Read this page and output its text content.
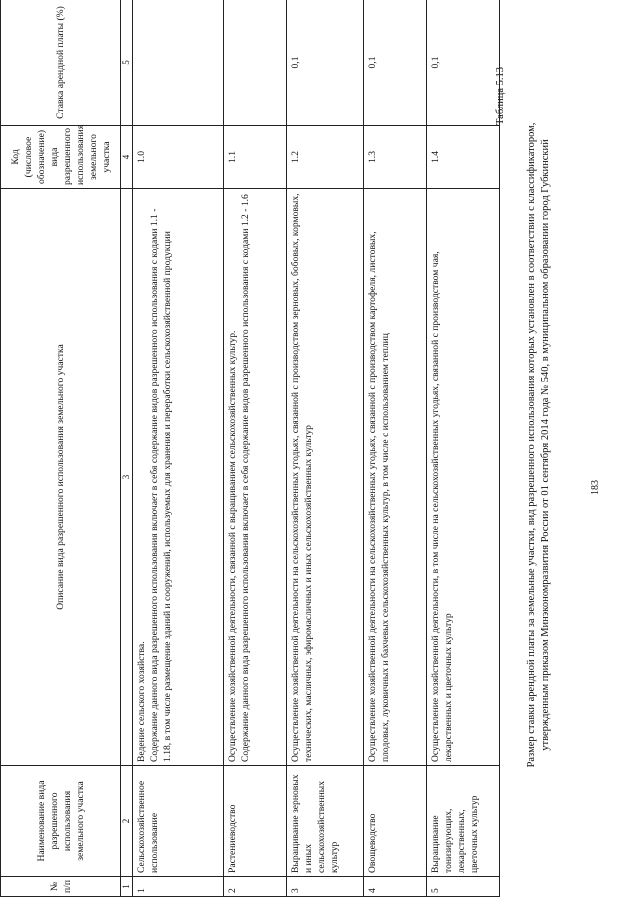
183
Размер ставки арендной платы за земельные участки, вид разрешенного использования которых установлен в соответствии с классификатором, утвержденным приказом Минэкономразвития России от 01 сентября 2014 года № 540, в муниципальном образовании город Губкинский
Таблица 5.13
№ п/п	Наименование вида разрешенного использования земельного участка	Описание вида разрешенного использования земельного участка	Код (числовое обозначение) вида разрешенного использования земельного участка	Ставка арендной платы (%)
1	2	3	4	5
1	Сельскохозяйственное использование	Ведение сельского хозяйства. Содержание данного вида разрешенного использования включает в себя содержание видов разрешенного использования с кодами 1.1 - 1.18, в том числе размещение зданий и сооружений, используемых для хранения и переработки сельскохозяйственной продукции	1.0	
2	Растениеводство	Осуществление хозяйственной деятельности, связанной с выращиванием сельскохозяйственных культур. Содержание данного вида разрешенного использования включает в себя содержание видов разрешенного использования с кодами 1.2 - 1.6	1.1	
3	Выращивание зерновых и иных сельскохозяйственных культур	Осуществление хозяйственной деятельности на сельскохозяйственных угодьях, связанной с производством зерновых, бобовых, кормовых, технических, масличных, эфиромасличных и иных сельскохозяйственных культур	1.2	0,1
4	Овощеводство	Осуществление хозяйственной деятельности на сельскохозяйственных угодьях, связанной с производством картофеля, листовых, плодовых, луковичных и бахчевых сельскохозяйственных культур, в том числе с использованием теплиц	1.3	0,1
5	Выращивание тонизирующих, лекарственных, цветочных культур	Осуществление хозяйственной деятельности, в том числе на сельскохозяйственных угодьях, связанной с производством чая, лекарственных и цветочных культур	1.4	0,1
